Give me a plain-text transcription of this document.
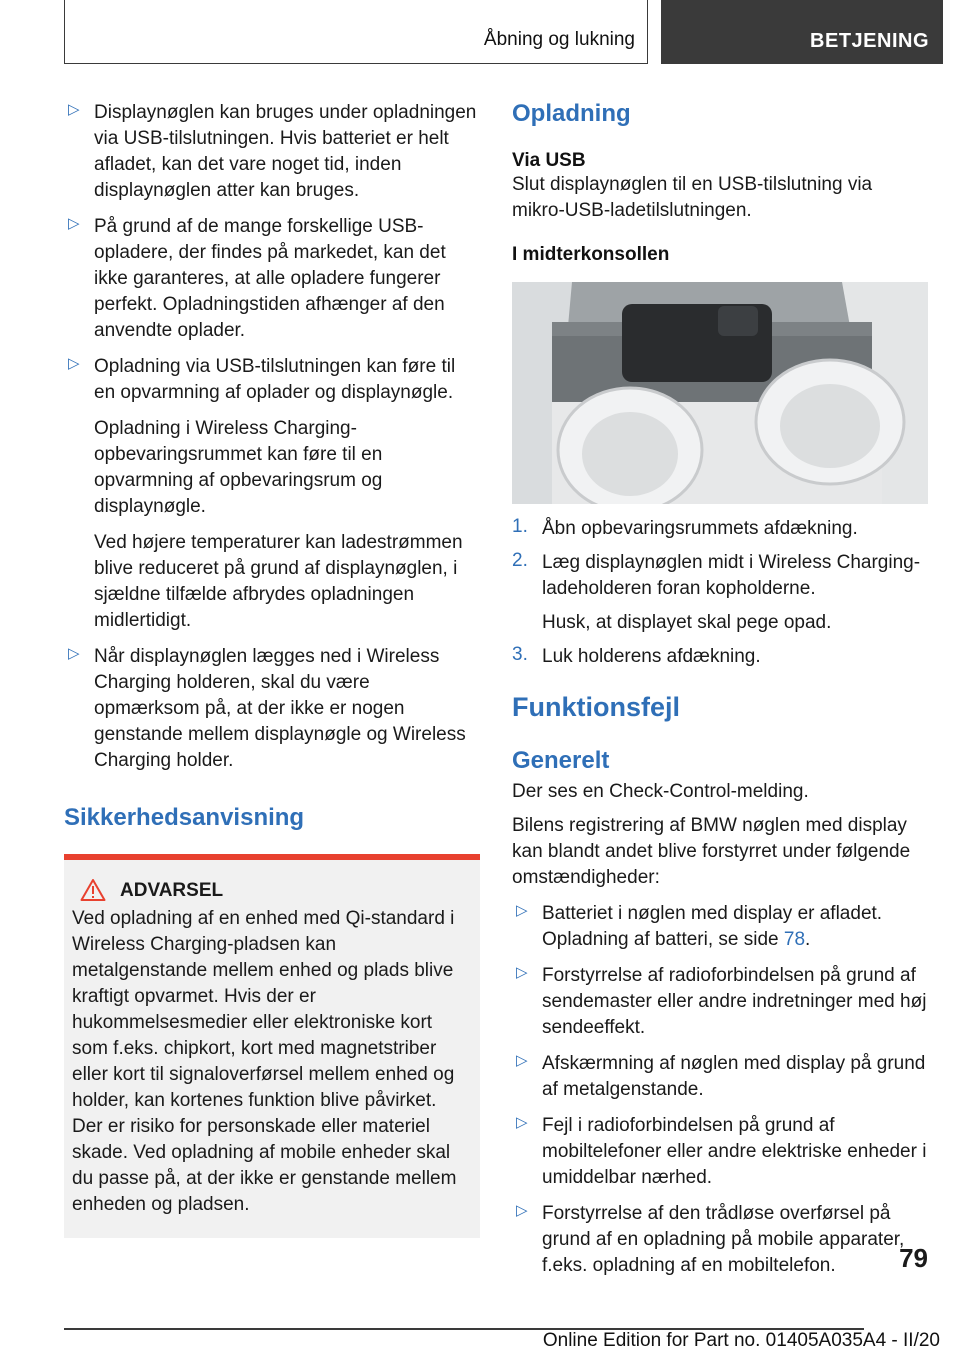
Åbning og lukning	BETJENING
▷ Displaynøglen kan bruges under opladningen via USB-tilslutningen. Hvis batteriet er helt afladet, kan det vare noget tid, inden displaynøglen atter kan bruges.

▷ På grund af de mange forskellige USB-opladere, der findes på markedet, kan det ikke garanteres, at alle opladere fungerer perfekt. Opladningstiden afhænger af den anvendte oplader.

▷ Opladning via USB-tilslutningen kan føre til en opvarmning af oplader og displaynøgle.

Opladning i Wireless Charging-opbevaringsrummet kan føre til en opvarmning af opbevaringsrum og displaynøgle.

Ved højere temperaturer kan ladestrømmen blive reduceret på grund af displaynøglen, i sjældne tilfælde afbrydes opladningen midlertidigt.

▷ Når displaynøglen lægges ned i Wireless Charging holderen, skal du være opmærksom på, at der ikke er nogen genstande mellem displaynøgle og Wireless Charging holder.

Sikkerhedsanvisning
ADVARSEL

Ved opladning af en enhed med Qi-standard i Wireless Charging-pladsen kan metalgenstande mellem enhed og plads blive kraftigt opvarmet. Hvis der er hukommelsesmedier eller elektroniske kort som f.eks. chipkort, kort med magnetstriber eller kort til signaloverførsel mellem enhed og holder, kan kortenes funktion blive påvirket. Der er risiko for personskade eller materiel skade. Ved opladning af mobile enheder skal du passe på, at der ikke er genstande mellem enheden og pladsen.

Opladning
Via USB

Slut displaynøglen til en USB-tilslutning via mikro-USB-ladetilslutningen.

I midterkonsollen
1. Åbn opbevaringsrummets afdækning.

2. Læg displaynøglen midt i Wireless Charging-ladeholderen foran kopholderne.

Husk, at displayet skal pege opad.

3. Luk holderens afdækning.

Funktionsfejl
Generelt

Der ses en Check-Control-melding.

Bilens registrering af BMW nøglen med display kan blandt andet blive forstyrret under følgende omstændigheder:

▷ Batteriet i nøglen med display er afladet. Opladning af batteri, se side 78.

▷ Forstyrrelse af radioforbindelsen på grund af sendemaster eller andre indretninger med høj sendeeffekt.

▷ Afskærmning af nøglen med display på grund af metalgenstande.

▷ Fejl i radioforbindelsen på grund af mobiltelefoner eller andre elektriske enheder i umiddelbar nærhed.

▷ Forstyrrelse af den trådløse overførsel på grund af en opladning på mobile apparater, f.eks. opladning af en mobiltelefon.	79
Online Edition for Part no. 01405A035A4 - II/20
